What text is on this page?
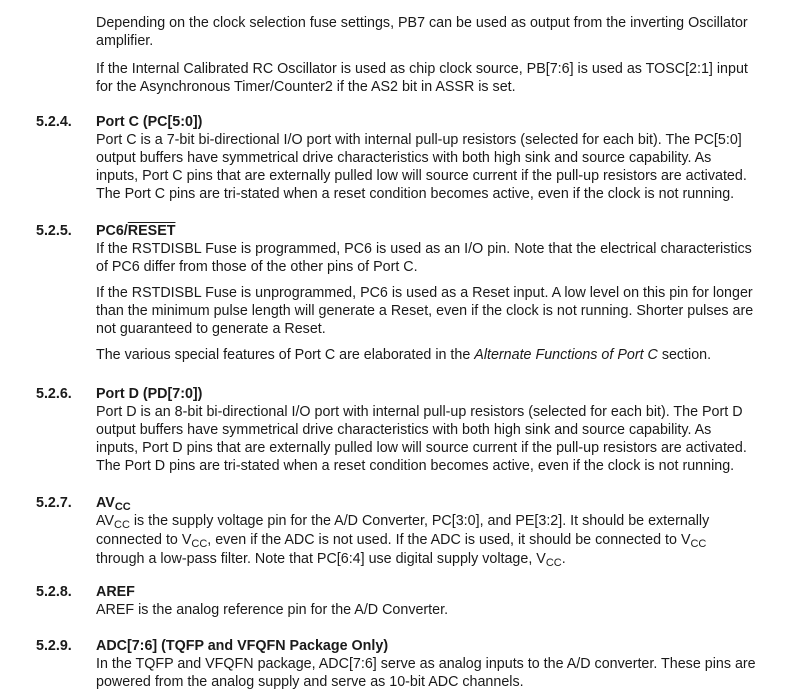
Depending on the clock selection fuse settings, PB7 can be used as output from the inverting Oscillator amplifier.

If the Internal Calibrated RC Oscillator is used as chip clock source, PB[7:6] is used as TOSC[2:1] input for the Asynchronous Timer/Counter2 if the AS2 bit in ASSR is set.

5.2.4. Port C (PC[5:0])

Port C is a 7-bit bi-directional I/O port with internal pull-up resistors (selected for each bit). The PC[5:0] output buffers have symmetrical drive characteristics with both high sink and source capability. As inputs, Port C pins that are externally pulled low will source current if the pull-up resistors are activated. The Port C pins are tri-stated when a reset condition becomes active, even if the clock is not running.

5.2.5. PC6/RESET

If the RSTDISBL Fuse is programmed, PC6 is used as an I/O pin. Note that the electrical characteristics of PC6 differ from those of the other pins of Port C.

If the RSTDISBL Fuse is unprogrammed, PC6 is used as a Reset input. A low level on this pin for longer than the minimum pulse length will generate a Reset, even if the clock is not running. Shorter pulses are not guaranteed to generate a Reset.

The various special features of Port C are elaborated in the Alternate Functions of Port C section.

5.2.6. Port D (PD[7:0])

Port D is an 8-bit bi-directional I/O port with internal pull-up resistors (selected for each bit). The Port D output buffers have symmetrical drive characteristics with both high sink and source capability. As inputs, Port D pins that are externally pulled low will source current if the pull-up resistors are activated. The Port D pins are tri-stated when a reset condition becomes active, even if the clock is not running.

5.2.7. $AV_{CC}$

$AV_{CC}$ is the supply voltage pin for the A/D Converter, PC[3:0], and PE[3:2]. It should be externally connected to $V_{CC}$, even if the ADC is not used. If the ADC is used, it should be connected to $V_{CC}$ through a low-pass filter. Note that PC[6:4] use digital supply voltage, $V_{CC}$.

5.2.8. AREF

AREF is the analog reference pin for the A/D Converter.

5.2.9. ADC[7:6] (TQFP and VFQFN Package Only)

In the TQFP and VFQFN package, ADC[7:6] serve as analog inputs to the A/D converter. These pins are powered from the analog supply and serve as 10-bit ADC channels.
